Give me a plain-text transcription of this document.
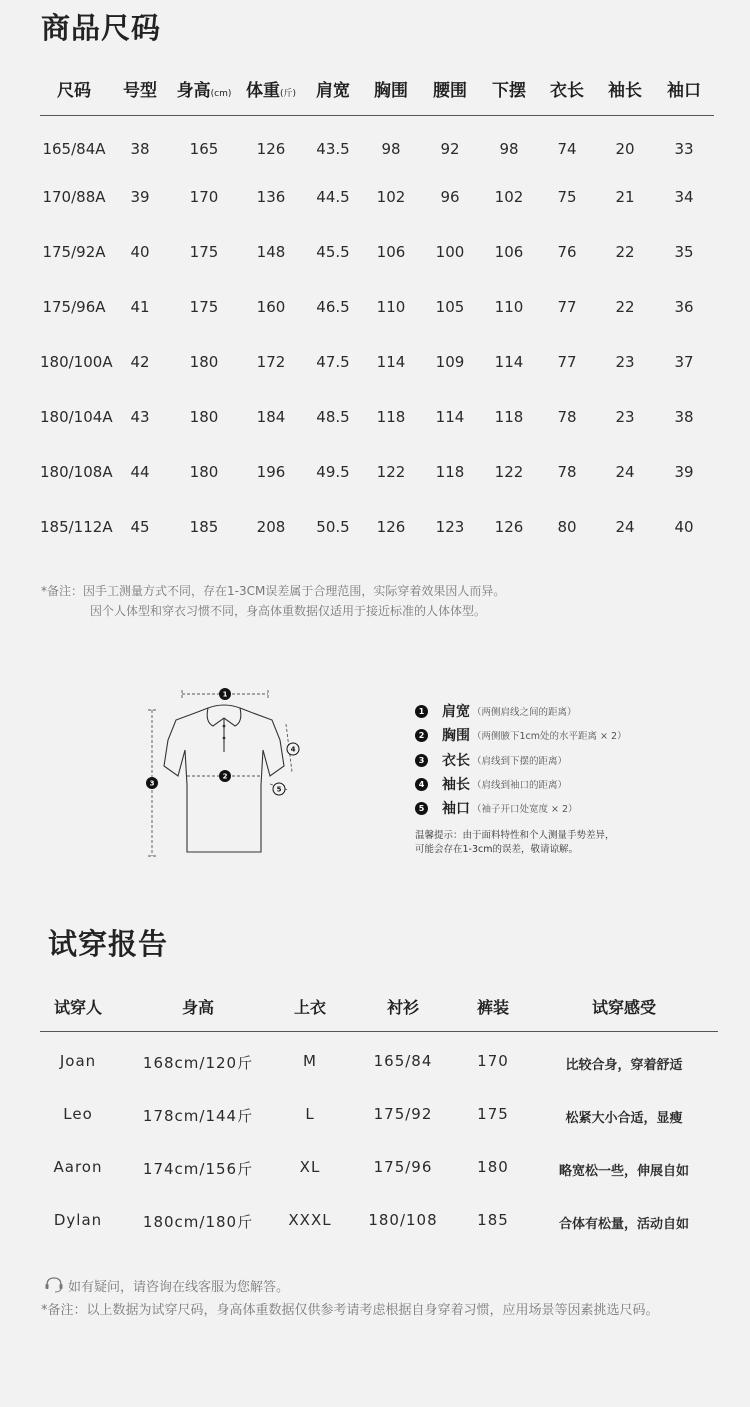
商品尺码
尺码	号型	身高(cm) 体重(斤)	肩宽	胸围	腰围	下摆	衣长	袖长	袖口
165/84A	38	165	126	43.5	98	92	98	74	20	33
170/88A	39	170	136	44.5	102	96	102	75	21	34
175/92A	40	175	148	45.5	106	100	106	76	22	35
175/96A	41	175	160	46.5	110	105	110	77	22	36
180/100A	42	180	172	47.5	114	109	114	77	23	37
180/104A	43	180	184	48.5	118	114	118	78	23	38
180/108A	44	180	196	49.5	122	118	122	78	24	39
185/112A	45	185	208	50.5	126	123	126	80	24	40
*备注：因手工测量方式不同，存在1-3CM误差属于合理范围，实际穿着效果因人而异。
因个人体型和穿衣习惯不同，身高体重数据仅适用于接近标准的人体体型。
1
2
3
4
5
1 肩宽 （两侧肩线之间的距离）
2 胸围 （两侧腋下1cm处的水平距离 × 2）
3 衣长 （肩线到下摆的距离）
4 袖长 （肩线到袖口的距离）
5 袖口 （袖子开口处宽度 × 2）
温馨提示：由于面料特性和个人测量手势差异，
可能会存在1-3cm的误差，敬请谅解。
试穿报告
试穿人	身高	上衣	衬衫	裤装	试穿感受
Joan	168cm/120斤	M	165/84	170	比较合身，穿着舒适
Leo	178cm/144斤	L	175/92	175	松紧大小合适，显瘦
Aaron	174cm/156斤	XL	175/96	180	略宽松一些，伸展自如
Dylan	180cm/180斤	XXXL	180/108	185	合体有松量，活动自如
如有疑问，请咨询在线客服为您解答。
*备注：以上数据为试穿尺码，身高体重数据仅供参考请考虑根据自身穿着习惯，应用场景等因素挑选尺码。
